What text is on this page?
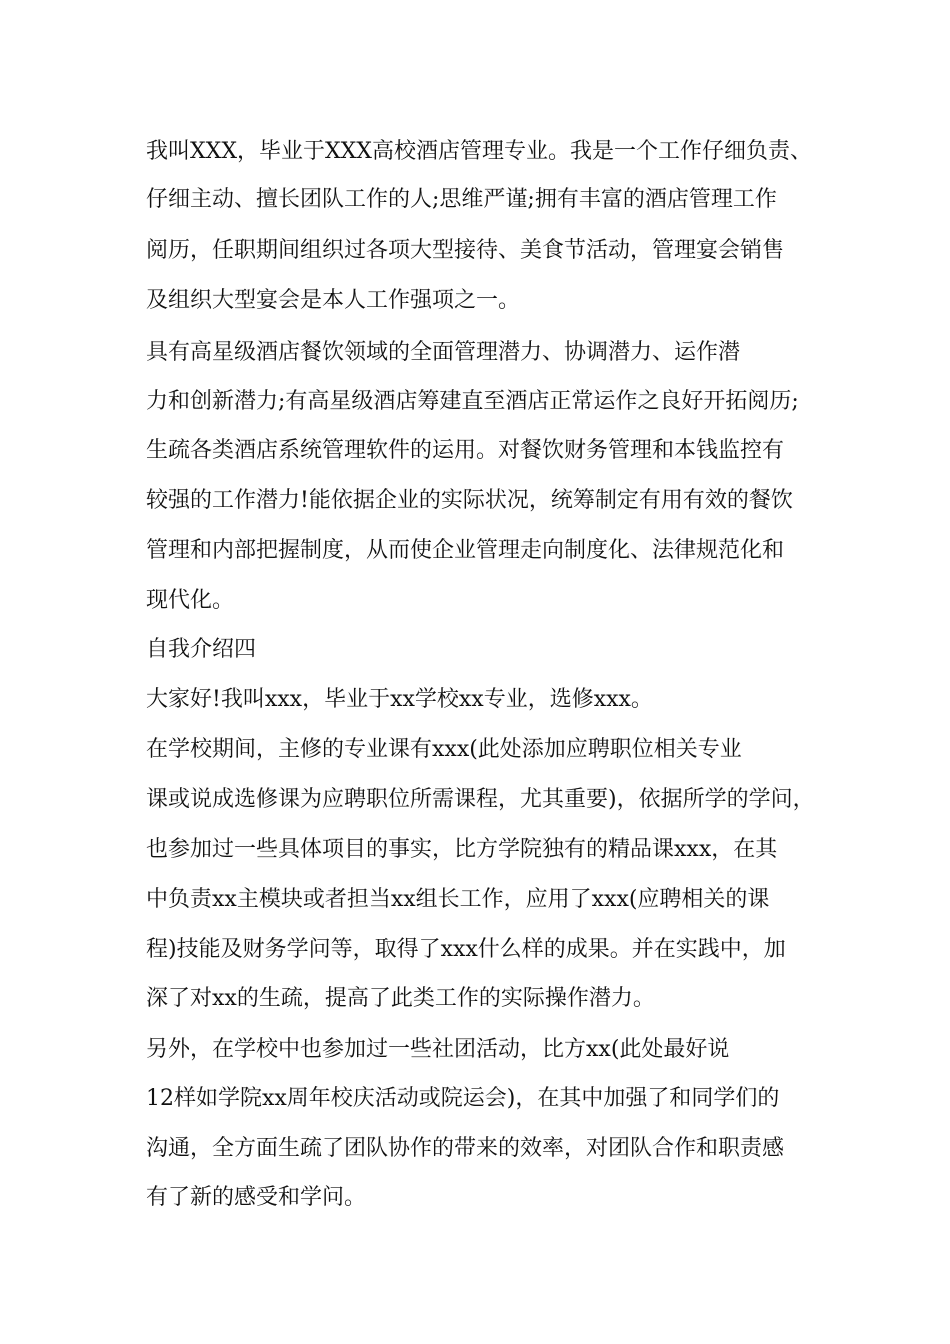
我叫XXX，毕业于XXX高校酒店管理专业。我是一个工作仔细负责、
仔细主动、擅长团队工作的人;思维严谨;拥有丰富的酒店管理工作
阅历，任职期间组织过各项大型接待、美食节活动，管理宴会销售
及组织大型宴会是本人工作强项之一。
具有高星级酒店餐饮领域的全面管理潜力、协调潜力、运作潜
力和创新潜力;有高星级酒店筹建直至酒店正常运作之良好开拓阅历;
生疏各类酒店系统管理软件的运用。对餐饮财务管理和本钱监控有
较强的工作潜力!能依据企业的实际状况，统筹制定有用有效的餐饮
管理和内部把握制度，从而使企业管理走向制度化、法律规范化和
现代化。
自我介绍四
大家好!我叫xxx，毕业于xx学校xx专业，选修xxx。
在学校期间，主修的专业课有xxx(此处添加应聘职位相关专业
课或说成选修课为应聘职位所需课程，尤其重要)，依据所学的学问，
也参加过一些具体项目的事实，比方学院独有的精品课xxx，在其
中负责xx主模块或者担当xx组长工作，应用了xxx(应聘相关的课
程)技能及财务学问等，取得了xxx什么样的成果。并在实践中，加
深了对xx的生疏，提高了此类工作的实际操作潜力。
另外，在学校中也参加过一些社团活动，比方xx(此处最好说
12样如学院xx周年校庆活动或院运会)，在其中加强了和同学们的
沟通，全方面生疏了团队协作的带来的效率，对团队合作和职责感
有了新的感受和学问。
